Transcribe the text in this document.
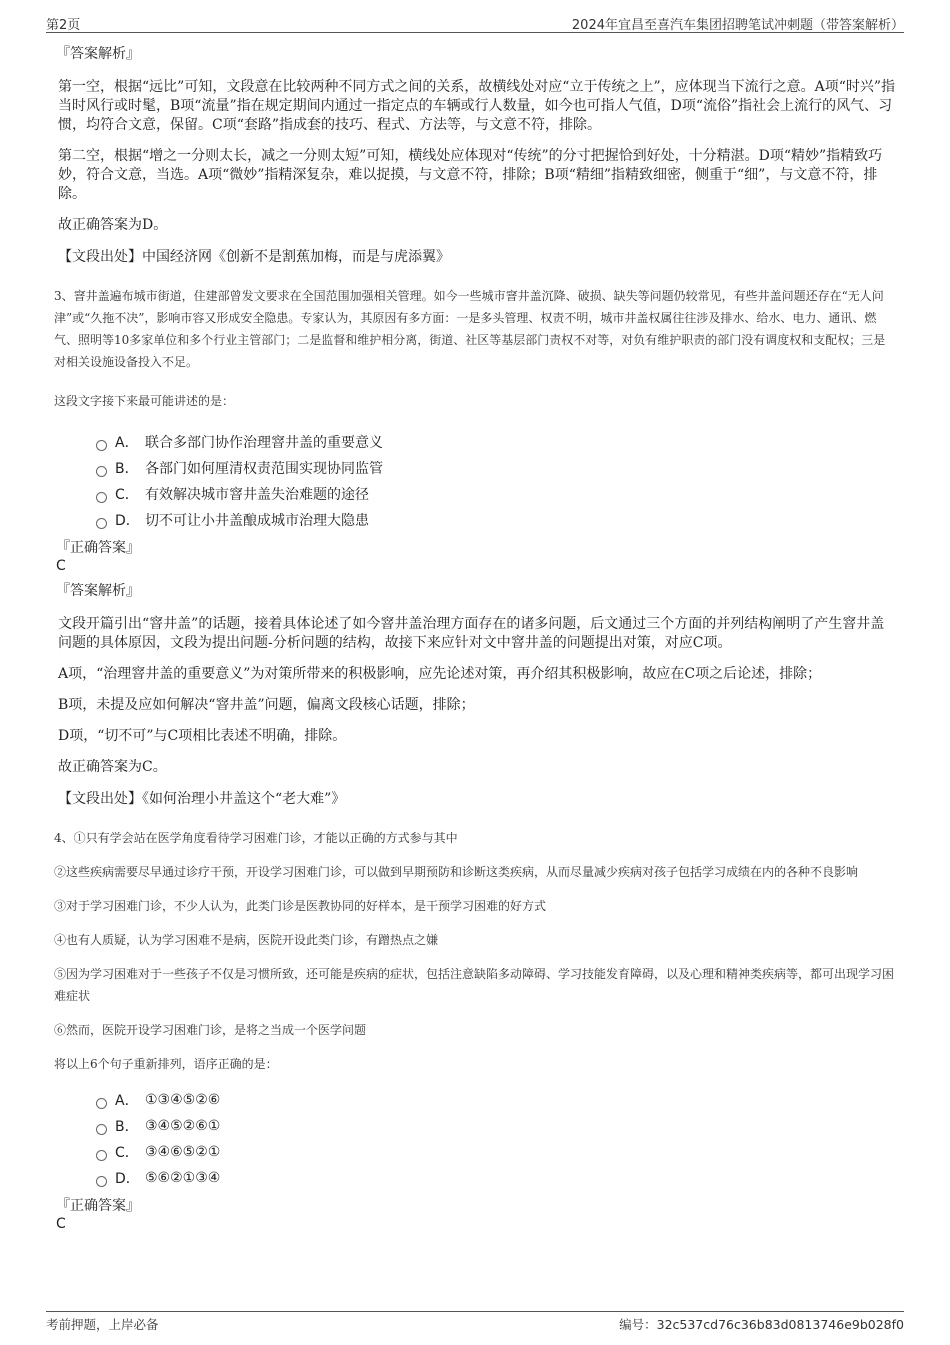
第2页	2024年宜昌至喜汽车集团招聘笔试冲刺题（带答案解析）
『答案解析』
第一空，根据“远比”可知，文段意在比较两种不同方式之间的关系，故横线处对应“立于传统之上”，应体现当下流行之意。A项“时兴”指当时风行或时髦，B项“流量”指在规定期间内通过一指定点的车辆或行人数量，如今也可指人气值，D项“流俗”指社会上流行的风气、习惯，均符合文意，保留。C项“套路”指成套的技巧、程式、方法等，与文意不符，排除。
第二空，根据“增之一分则太长，减之一分则太短”可知，横线处应体现对“传统”的分寸把握恰到好处，十分精湛。D项“精妙”指精致巧妙，符合文意，当选。A项“微妙”指精深复杂，难以捉摸，与文意不符，排除；B项“精细”指精致细密，侧重于“细”，与文意不符，排除。
故正确答案为D。
【文段出处】中国经济网《创新不是割蕉加梅，而是与虎添翼》
3、窨井盖遍布城市街道，住建部曾发文要求在全国范围加强相关管理。如今一些城市窨井盖沉降、破损、缺失等问题仍较常见，有些井盖问题还存在“无人问津”或“久拖不决”，影响市容又形成安全隐患。专家认为，其原因有多方面：一是多头管理、权责不明，城市井盖权属往往涉及排水、给水、电力、通讯、燃气、照明等10多家单位和多个行业主管部门；二是监督和维护相分离，街道、社区等基层部门责权不对等，对负有维护职责的部门没有调度权和支配权；三是对相关设施设备投入不足。
这段文字接下来最可能讲述的是：
A． 联合多部门协作治理窨井盖的重要意义
B． 各部门如何厘清权责范围实现协同监管
C． 有效解决城市窨井盖失治难题的途径
D． 切不可让小井盖酿成城市治理大隐患
『正确答案』
C
『答案解析』
文段开篇引出“窨井盖”的话题，接着具体论述了如今窨井盖治理方面存在的诸多问题，后文通过三个方面的并列结构阐明了产生窨井盖问题的具体原因，文段为提出问题-分析问题的结构，故接下来应针对文中窨井盖的问题提出对策，对应C项。
A项，“治理窨井盖的重要意义”为对策所带来的积极影响，应先论述对策，再介绍其积极影响，故应在C项之后论述，排除；
B项，未提及应如何解决“窨井盖”问题，偏离文段核心话题，排除；
D项，“切不可”与C项相比表述不明确，排除。
故正确答案为C。
【文段出处】《如何治理小井盖这个“老大难”》
4、①只有学会站在医学角度看待学习困难门诊，才能以正确的方式参与其中
②这些疾病需要尽早通过诊疗干预，开设学习困难门诊，可以做到早期预防和诊断这类疾病，从而尽量减少疾病对孩子包括学习成绩在内的各种不良影响
③对于学习困难门诊，不少人认为，此类门诊是医教协同的好样本，是干预学习困难的好方式
④也有人质疑，认为学习困难不是病，医院开设此类门诊，有蹭热点之嫌
⑤因为学习困难对于一些孩子不仅是习惯所致，还可能是疾病的症状，包括注意缺陷多动障碍、学习技能发育障碍，以及心理和精神类疾病等，都可出现学习困难症状
⑥然而，医院开设学习困难门诊，是将之当成一个医学问题
将以上6个句子重新排列，语序正确的是：
A． ①③④⑤②⑥
B． ③④⑤②⑥①
C． ③④⑥⑤②①
D． ⑤⑥②①③④
『正确答案』
C
考前押题，上岸必备	编号：32c537cd76c36b83d0813746e9b028f0
